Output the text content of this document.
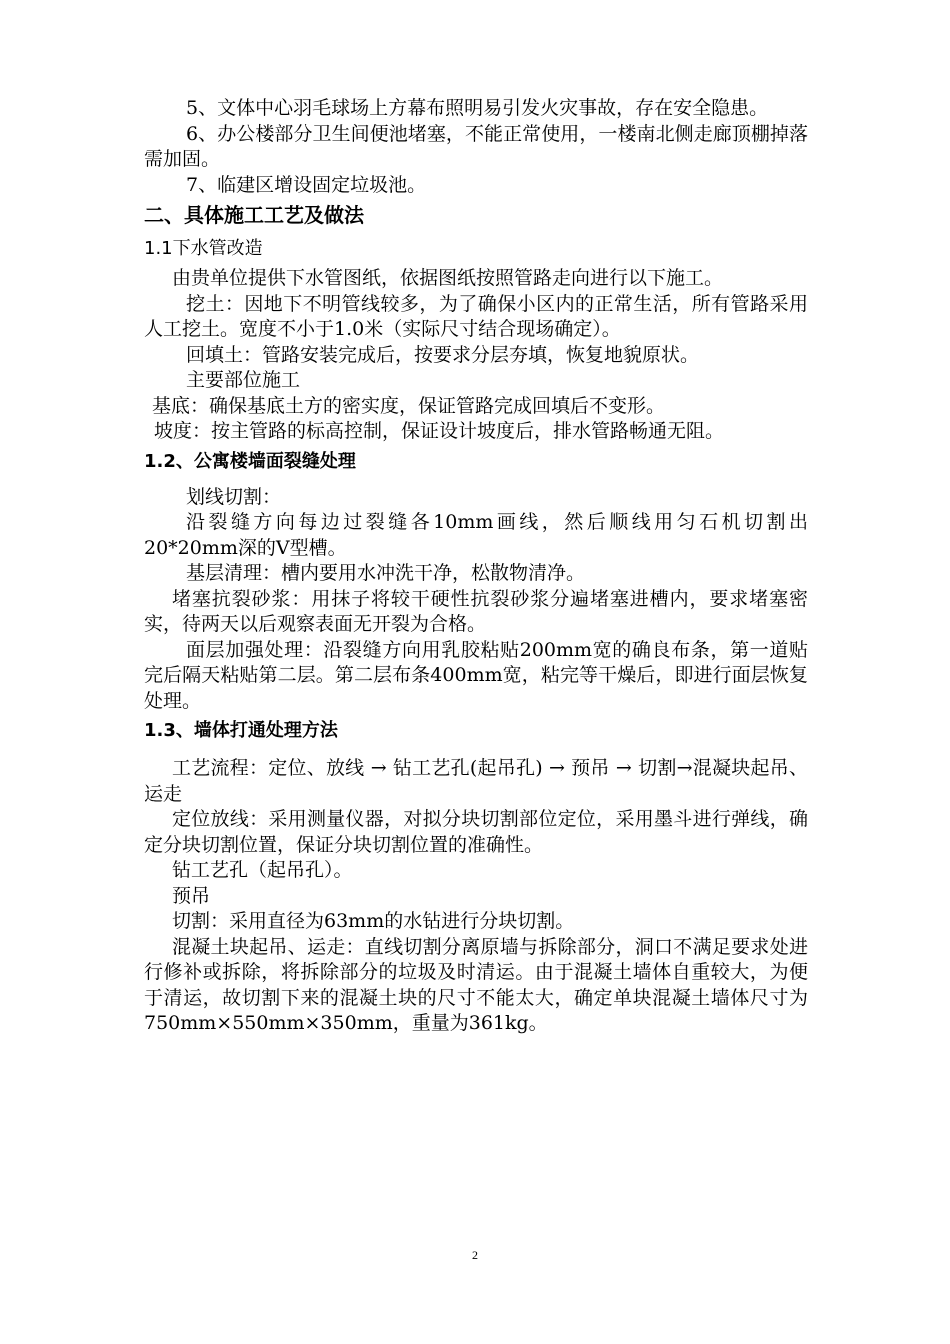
5、文体中心羽毛球场上方幕布照明易引发火灾事故，存在安全隐患。

6、办公楼部分卫生间便池堵塞，不能正常使用，一楼南北侧走廊顶棚掉落需加固。

7、临建区增设固定垃圾池。

二、具体施工工艺及做法

1.1下水管改造

由贵单位提供下水管图纸，依据图纸按照管路走向进行以下施工。

挖土：因地下不明管线较多，为了确保小区内的正常生活，所有管路采用人工挖土。宽度不小于1.0米（实际尺寸结合现场确定）。

回填土：管路安装完成后，按要求分层夯填，恢复地貌原状。

主要部位施工

基底：确保基底土方的密实度，保证管路完成回填后不变形。

坡度：按主管路的标高控制，保证设计坡度后，排水管路畅通无阻。

1.2、公寓楼墙面裂缝处理

划线切割：

沿裂缝方向每边过裂缝各10mm画线，然后顺线用匀石机切割出20*20mm深的V型槽。

基层清理：槽内要用水冲洗干净，松散物清净。

堵塞抗裂砂浆：用抹子将较干硬性抗裂砂浆分遍堵塞进槽内，要求堵塞密实，待两天以后观察表面无开裂为合格。

面层加强处理：沿裂缝方向用乳胶粘贴200mm宽的确良布条，第一道贴完后隔天粘贴第二层。第二层布条400mm宽，粘完等干燥后，即进行面层恢复处理。

1.3、墙体打通处理方法

工艺流程：定位、放线 → 钻工艺孔(起吊孔) → 预吊 → 切割→混凝块起吊、运走

定位放线：采用测量仪器，对拟分块切割部位定位，采用墨斗进行弹线，确定分块切割位置，保证分块切割位置的准确性。

钻工艺孔（起吊孔）。

预吊

切割：采用直径为63mm的水钻进行分块切割。

混凝土块起吊、运走：直线切割分离原墙与拆除部分，洞口不满足要求处进行修补或拆除，将拆除部分的垃圾及时清运。由于混凝土墙体自重较大，为便于清运，故切割下来的混凝土块的尺寸不能太大，确定单块混凝土墙体尺寸为750mm×550mm×350mm，重量为361kg。

2
